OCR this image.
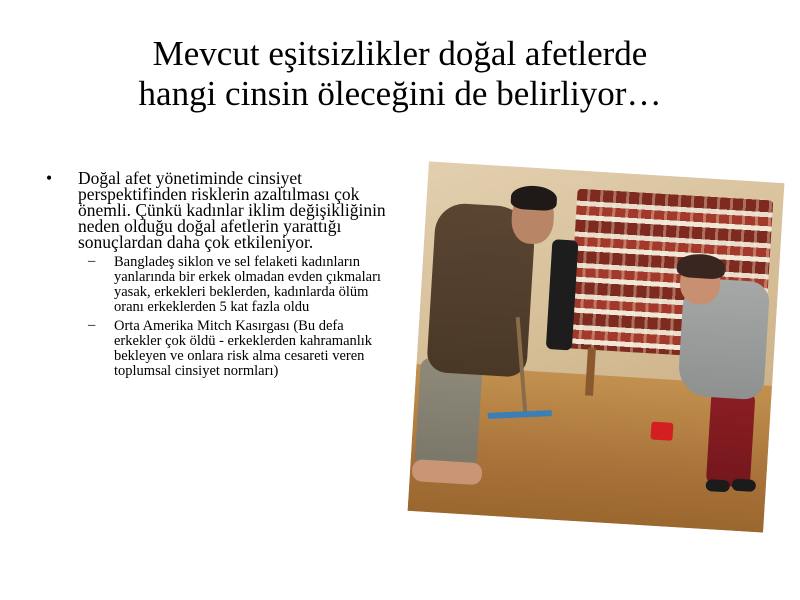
Mevcut eşitsizlikler doğal afetlerde
hangi cinsin öleceğini de belirliyor…
• Doğal afet yönetiminde cinsiyet perspektifinden risklerin azaltılması çok önemli. Çünkü kadınlar iklim değişikliğinin neden olduğu doğal afetlerin yarattığı sonuçlardan daha çok etkileniyor.
– Bangladeş siklon ve sel felaketi kadınların yanlarında bir erkek olmadan evden çıkmaları yasak, erkekleri beklerden, kadınlarda ölüm oranı erkeklerden 5 kat fazla oldu
– Orta Amerika Mitch Kasırgası (Bu defa erkekler çok öldü - erkeklerden kahramanlık bekleyen ve onlara risk alma cesareti veren toplumsal cinsiyet normları)
